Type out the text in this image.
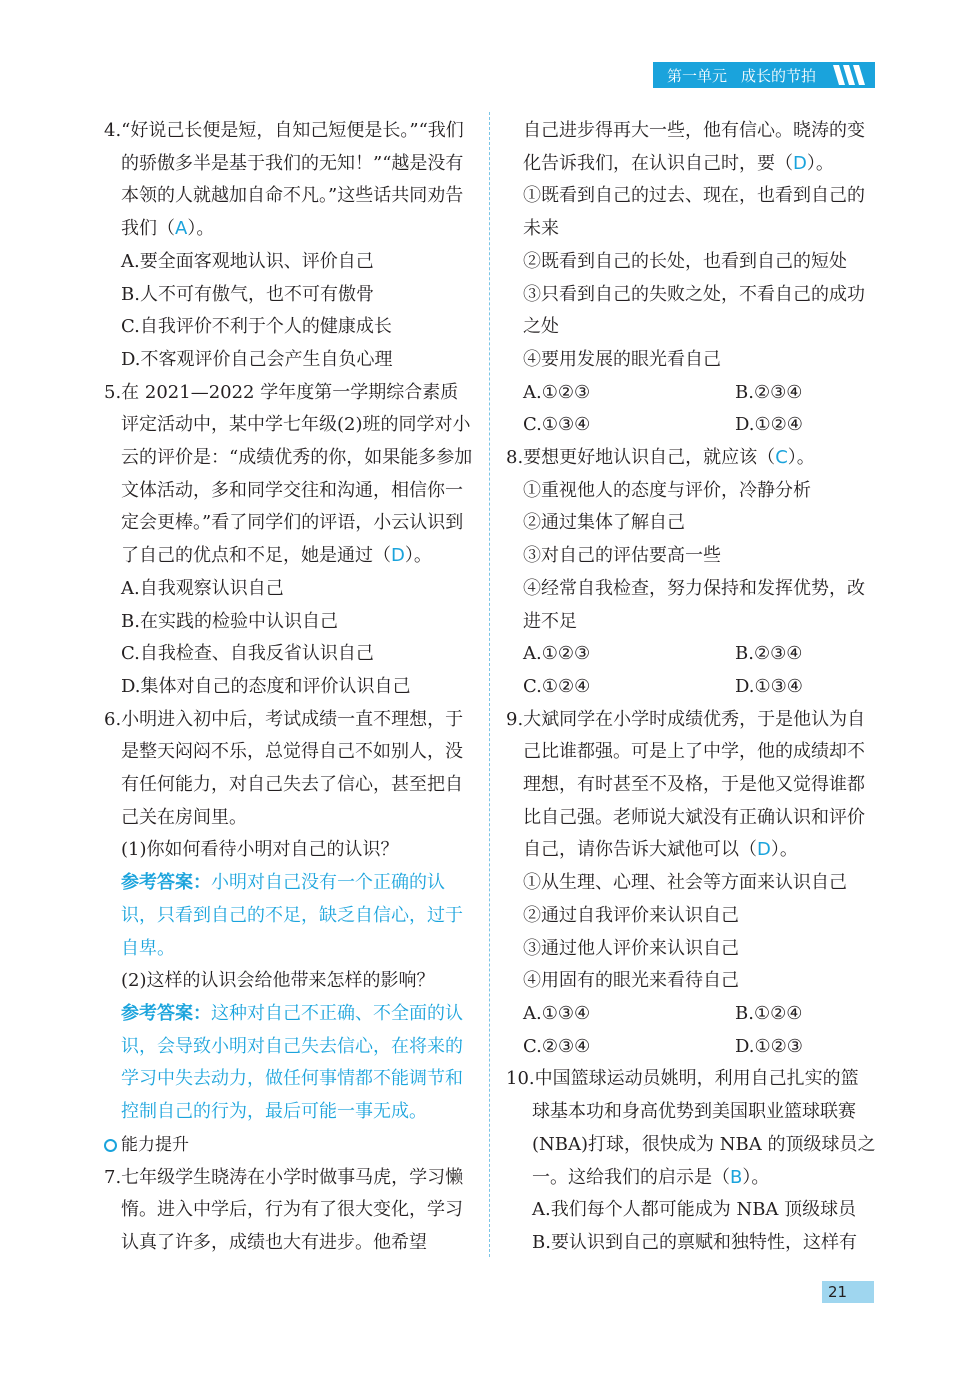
第一单元 成长的节拍

4.“好说己长便是短，自知己短便是长。”“我们的骄傲多半是基于我们的无知！”“越是没有本领的人就越加自命不凡。”这些话共同劝告我们（A）。

A.要全面客观地认识、评价自己

B.人不可有傲气，也不可有傲骨

C.自我评价不利于个人的健康成长

D.不客观评价自己会产生自负心理

5.在 2021—2022 学年度第一学期综合素质评定活动中，某中学七年级(2)班的同学对小云的评价是：“成绩优秀的你，如果能多参加文体活动，多和同学交往和沟通，相信你一定会更棒。”看了同学们的评语，小云认识到了自己的优点和不足，她是通过（D）。

A.自我观察认识自己

B.在实践的检验中认识自己

C.自我检查、自我反省认识自己

D.集体对自己的态度和评价认识自己

6.小明进入初中后，考试成绩一直不理想，于是整天闷闷不乐，总觉得自己不如别人，没有任何能力，对自己失去了信心，甚至把自己关在房间里。

(1)你如何看待小明对自己的认识？

参考答案：小明对自己没有一个正确的认识，只看到自己的不足，缺乏自信心，过于自卑。

(2)这样的认识会给他带来怎样的影响？

参考答案：这种对自己不正确、不全面的认识，会导致小明对自己失去信心，在将来的学习中失去动力，做任何事情都不能调节和控制自己的行为，最后可能一事无成。

能力提升

7.七年级学生晓涛在小学时做事马虎，学习懒惰。进入中学后，行为有了很大变化，学习认真了许多，成绩也大有进步。他希望

自己进步得再大一些，他有信心。晓涛的变化告诉我们，在认识自己时，要（D）。

①既看到自己的过去、现在，也看到自己的未来

②既看到自己的长处，也看到自己的短处

③只看到自己的失败之处，不看自己的成功之处

④要用发展的眼光看自己

A.①②③	B.②③④
C.①③④	D.①②④

8.要想更好地认识自己，就应该（C）。

①重视他人的态度与评价，冷静分析

②通过集体了解自己

③对自己的评估要高一些

④经常自我检查，努力保持和发挥优势，改进不足

A.①②③	B.②③④
C.①②④	D.①③④

9.大斌同学在小学时成绩优秀，于是他认为自己比谁都强。可是上了中学，他的成绩却不理想，有时甚至不及格，于是他又觉得谁都比自己强。老师说大斌没有正确认识和评价自己，请你告诉大斌他可以（D）。

①从生理、心理、社会等方面来认识自己

②通过自我评价来认识自己

③通过他人评价来认识自己

④用固有的眼光来看待自己

A.①③④	B.①②④
C.②③④	D.①②③

10.中国篮球运动员姚明，利用自己扎实的篮球基本功和身高优势到美国职业篮球联赛(NBA)打球，很快成为 NBA 的顶级球员之一。这给我们的启示是（B）。

A.我们每个人都可能成为 NBA 顶级球员

B.要认识到自己的禀赋和独特性，这样有

21
